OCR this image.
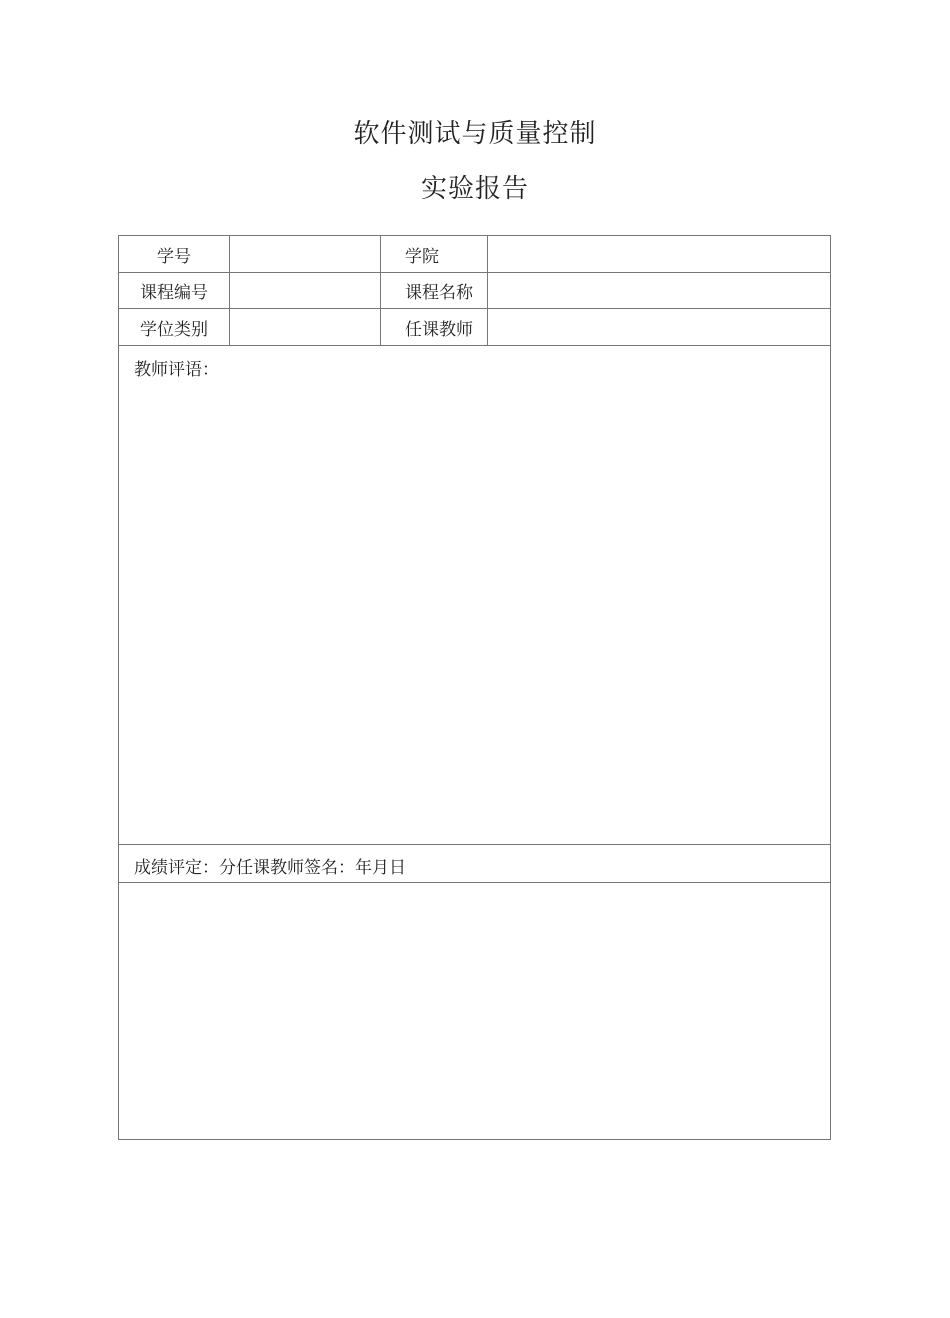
软件测试与质量控制
实验报告
学号	学院
课程编号	课程名称
学位类别	任课教师
教师评语：
成绩评定：分任课教师签名：年月日
